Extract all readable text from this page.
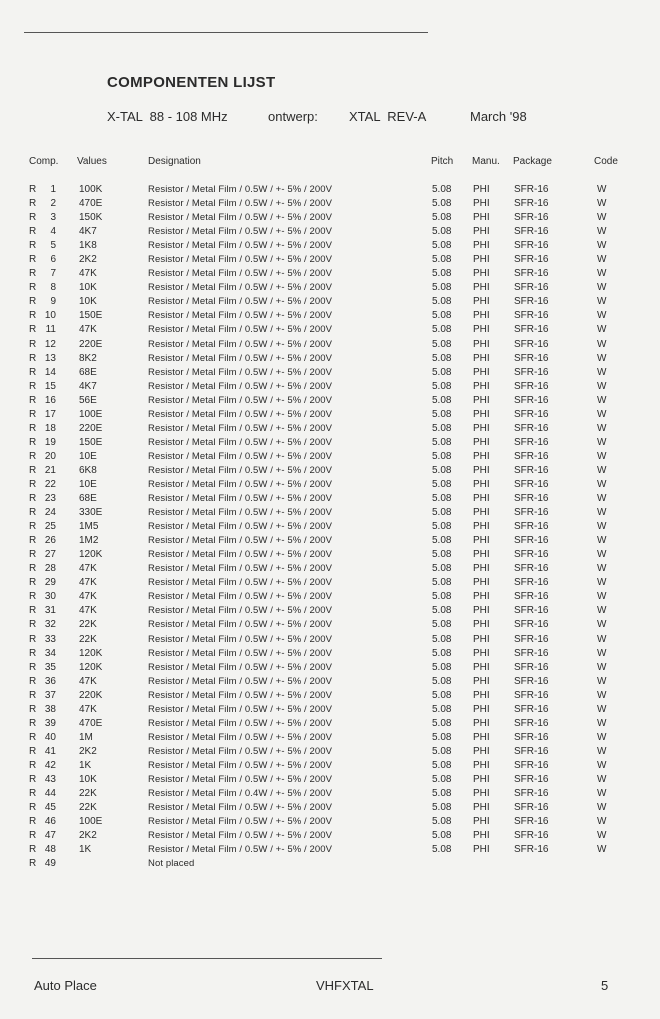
COMPONENTEN LIJST
X-TAL  88 - 108 MHz	ontwerp:	XTAL  REV-A	March '98
Comp. Values	Designation	Pitch Manu. Package	Code
R	1 100K	Resistor / Metal Film / 0.5W / +- 5% / 200V	5.08 PHI SFR-16	W
R	2 470E	Resistor / Metal Film / 0.5W / +- 5% / 200V	5.08 PHI SFR-16	W
R	3 150K	Resistor / Metal Film / 0.5W / +- 5% / 200V	5.08 PHI SFR-16	W
R	4 4K7	Resistor / Metal Film / 0.5W / +- 5% / 200V	5.08 PHI SFR-16	W
R	5 1K8	Resistor / Metal Film / 0.5W / +- 5% / 200V	5.08 PHI SFR-16	W
R	6 2K2	Resistor / Metal Film / 0.5W / +- 5% / 200V	5.08 PHI SFR-16	W
R	7 47K	Resistor / Metal Film / 0.5W / +- 5% / 200V	5.08 PHI SFR-16	W
R	8 10K	Resistor / Metal Film / 0.5W / +- 5% / 200V	5.08 PHI SFR-16	W
R	9 10K	Resistor / Metal Film / 0.5W / +- 5% / 200V	5.08 PHI SFR-16	W
R 10 150E	Resistor / Metal Film / 0.5W / +- 5% / 200V	5.08 PHI SFR-16	W
R 11 47K	Resistor / Metal Film / 0.5W / +- 5% / 200V	5.08 PHI SFR-16	W
R 12 220E	Resistor / Metal Film / 0.5W / +- 5% / 200V	5.08 PHI SFR-16	W
R 13 8K2	Resistor / Metal Film / 0.5W / +- 5% / 200V	5.08 PHI SFR-16	W
R 14 68E	Resistor / Metal Film / 0.5W / +- 5% / 200V	5.08 PHI SFR-16	W
R 15 4K7	Resistor / Metal Film / 0.5W / +- 5% / 200V	5.08 PHI SFR-16	W
R 16 56E	Resistor / Metal Film / 0.5W / +- 5% / 200V	5.08 PHI SFR-16	W
R 17 100E	Resistor / Metal Film / 0.5W / +- 5% / 200V	5.08 PHI SFR-16	W
R 18 220E	Resistor / Metal Film / 0.5W / +- 5% / 200V	5.08 PHI SFR-16	W
R 19 150E	Resistor / Metal Film / 0.5W / +- 5% / 200V	5.08 PHI SFR-16	W
R 20 10E	Resistor / Metal Film / 0.5W / +- 5% / 200V	5.08 PHI SFR-16	W
R 21 6K8	Resistor / Metal Film / 0.5W / +- 5% / 200V	5.08 PHI SFR-16	W
R 22 10E	Resistor / Metal Film / 0.5W / +- 5% / 200V	5.08 PHI SFR-16	W
R 23 68E	Resistor / Metal Film / 0.5W / +- 5% / 200V	5.08 PHI SFR-16	W
R 24 330E	Resistor / Metal Film / 0.5W / +- 5% / 200V	5.08 PHI SFR-16	W
R 25 1M5	Resistor / Metal Film / 0.5W / +- 5% / 200V	5.08 PHI SFR-16	W
R 26 1M2	Resistor / Metal Film / 0.5W / +- 5% / 200V	5.08 PHI SFR-16	W
R 27 120K	Resistor / Metal Film / 0.5W / +- 5% / 200V	5.08 PHI SFR-16	W
R 28 47K	Resistor / Metal Film / 0.5W / +- 5% / 200V	5.08 PHI SFR-16	W
R 29 47K	Resistor / Metal Film / 0.5W / +- 5% / 200V	5.08 PHI SFR-16	W
R 30 47K	Resistor / Metal Film / 0.5W / +- 5% / 200V	5.08 PHI SFR-16	W
R 31 47K	Resistor / Metal Film / 0.5W / +- 5% / 200V	5.08 PHI SFR-16	W
R 32 22K	Resistor / Metal Film / 0.5W / +- 5% / 200V	5.08 PHI SFR-16	W
R 33 22K	Resistor / Metal Film / 0.5W / +- 5% / 200V	5.08 PHI SFR-16	W
R 34 120K	Resistor / Metal Film / 0.5W / +- 5% / 200V	5.08 PHI SFR-16	W
R 35 120K	Resistor / Metal Film / 0.5W / +- 5% / 200V	5.08 PHI SFR-16	W
R 36 47K	Resistor / Metal Film / 0.5W / +- 5% / 200V	5.08 PHI SFR-16	W
R 37 220K	Resistor / Metal Film / 0.5W / +- 5% / 200V	5.08 PHI SFR-16	W
R 38 47K	Resistor / Metal Film / 0.5W / +- 5% / 200V	5.08 PHI SFR-16	W
R 39 470E	Resistor / Metal Film / 0.5W / +- 5% / 200V	5.08 PHI SFR-16	W
R 40 1M	Resistor / Metal Film / 0.5W / +- 5% / 200V	5.08 PHI SFR-16	W
R 41 2K2	Resistor / Metal Film / 0.5W / +- 5% / 200V	5.08 PHI SFR-16	W
R 42 1K	Resistor / Metal Film / 0.5W / +- 5% / 200V	5.08 PHI SFR-16	W
R 43 10K	Resistor / Metal Film / 0.5W / +- 5% / 200V	5.08 PHI SFR-16	W
R 44 22K	Resistor / Metal Film / 0.4W / +- 5% / 200V	5.08 PHI SFR-16	W
R 45 22K	Resistor / Metal Film / 0.5W / +- 5% / 200V	5.08 PHI SFR-16	W
R 46 100E	Resistor / Metal Film / 0.5W / +- 5% / 200V	5.08 PHI SFR-16	W
R 47 2K2	Resistor / Metal Film / 0.5W / +- 5% / 200V	5.08 PHI SFR-16	W
R 48 1K	Resistor / Metal Film / 0.5W / +- 5% / 200V	5.08 PHI SFR-16	W
R 49	Not placed
Auto Place	VHFXTAL	5
